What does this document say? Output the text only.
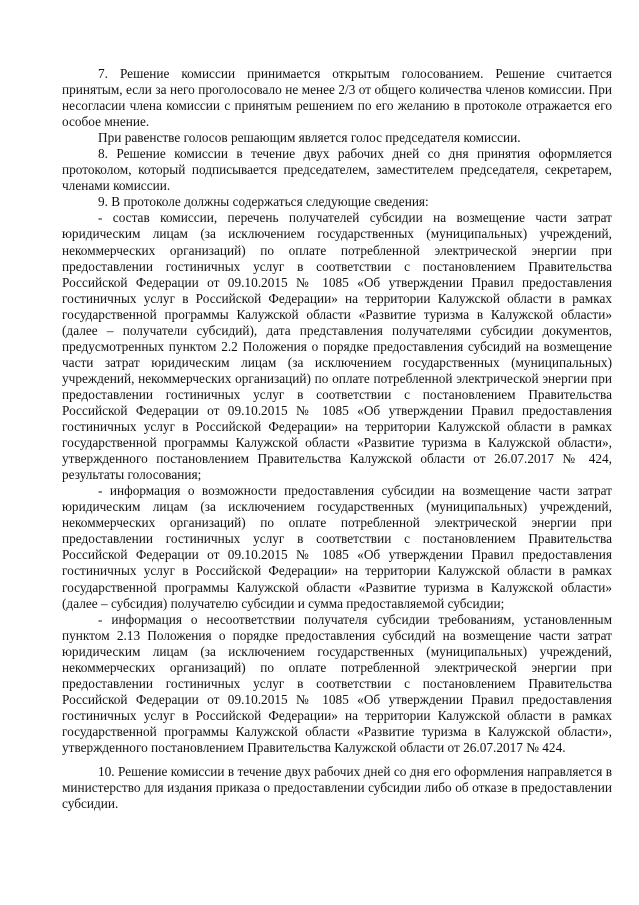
7. Решение комиссии принимается открытым голосованием. Решение считается принятым, если за него проголосовало не менее 2/3 от общего количества членов комиссии. При несогласии члена комиссии с принятым решением по его желанию в протоколе отражается его особое мнение.

При равенстве голосов решающим является голос председателя комиссии.

8. Решение комиссии в течение двух рабочих дней со дня принятия оформляется протоколом, который подписывается председателем, заместителем председателя, секретарем, членами комиссии.

9. В протоколе должны содержаться следующие сведения:

- состав комиссии, перечень получателей субсидии на возмещение части затрат юридическим лицам (за исключением государственных (муниципальных) учреждений, некоммерческих организаций) по оплате потребленной электрической энергии при предоставлении гостиничных услуг в соответствии с постановлением Правительства Российской Федерации от 09.10.2015 № 1085 «Об утверждении Правил предоставления гостиничных услуг в Российской Федерации» на территории Калужской области в рамках государственной программы Калужской области «Развитие туризма в Калужской области» (далее – получатели субсидий), дата представления получателями субсидии документов, предусмотренных пунктом 2.2 Положения о порядке предоставления субсидий на возмещение части затрат юридическим лицам (за исключением государственных (муниципальных) учреждений, некоммерческих организаций) по оплате потребленной электрической энергии при предоставлении гостиничных услуг в соответствии с постановлением Правительства Российской Федерации от 09.10.2015 № 1085 «Об утверждении Правил предоставления гостиничных услуг в Российской Федерации» на территории Калужской области в рамках государственной программы Калужской области «Развитие туризма в Калужской области», утвержденного постановлением Правительства Калужской области от 26.07.2017 № 424, результаты голосования;

- информация о возможности предоставления субсидии на возмещение части затрат юридическим лицам (за исключением государственных (муниципальных) учреждений, некоммерческих организаций) по оплате потребленной электрической энергии при предоставлении гостиничных услуг в соответствии с постановлением Правительства Российской Федерации от 09.10.2015 № 1085 «Об утверждении Правил предоставления гостиничных услуг в Российской Федерации» на территории Калужской области в рамках государственной программы Калужской области «Развитие туризма в Калужской области» (далее – субсидия) получателю субсидии и сумма предоставляемой субсидии;

- информация о несоответствии получателя субсидии требованиям, установленным пунктом 2.13 Положения о порядке предоставления субсидий на возмещение части затрат юридическим лицам (за исключением государственных (муниципальных) учреждений, некоммерческих организаций) по оплате потребленной электрической энергии при предоставлении гостиничных услуг в соответствии с постановлением Правительства Российской Федерации от 09.10.2015 № 1085 «Об утверждении Правил предоставления гостиничных услуг в Российской Федерации» на территории Калужской области в рамках государственной программы Калужской области «Развитие туризма в Калужской области», утвержденного постановлением Правительства Калужской области от 26.07.2017 № 424.

10. Решение комиссии в течение двух рабочих дней со дня его оформления направляется в министерство для издания приказа о предоставлении субсидии либо об отказе в предоставлении субсидии.
